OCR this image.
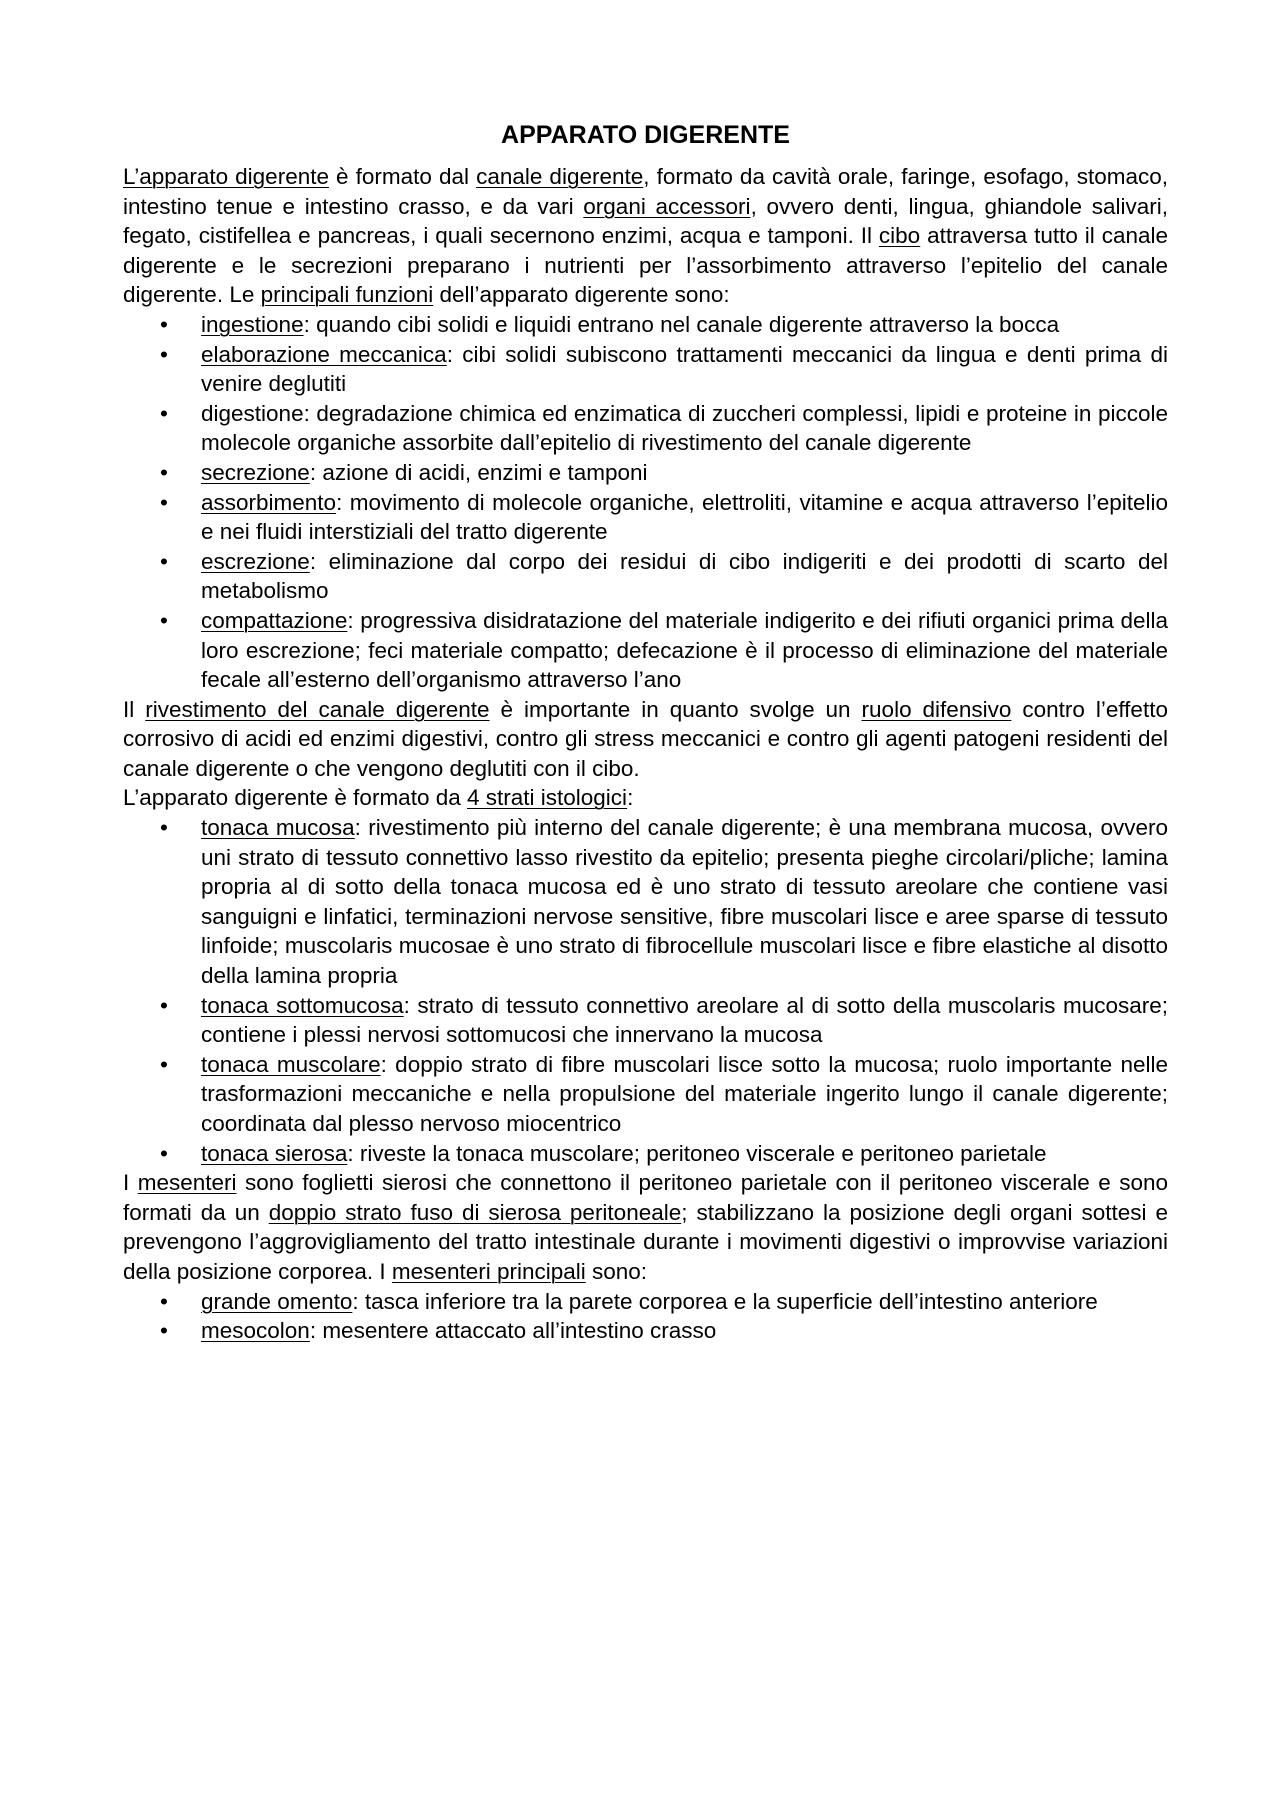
APPARATO DIGERENTE

L’apparato digerente è formato dal canale digerente, formato da cavità orale, faringe, esofago, stomaco, intestino tenue e intestino crasso, e da vari organi accessori, ovvero denti, lingua, ghiandole salivari, fegato, cistifellea e pancreas, i quali secernono enzimi, acqua e tamponi. Il cibo attraversa tutto il canale digerente e le secrezioni preparano i nutrienti per l’assorbimento attraverso l’epitelio del canale digerente. Le principali funzioni dell’apparato digerente sono:

• ingestione: quando cibi solidi e liquidi entrano nel canale digerente attraverso la bocca
• elaborazione meccanica: cibi solidi subiscono trattamenti meccanici da lingua e denti prima di venire deglutiti
• digestione: degradazione chimica ed enzimatica di zuccheri complessi, lipidi e proteine in piccole molecole organiche assorbite dall’epitelio di rivestimento del canale digerente
• secrezione: azione di acidi, enzimi e tamponi
• assorbimento: movimento di molecole organiche, elettroliti, vitamine e acqua attraverso l’epitelio e nei fluidi interstiziali del tratto digerente
• escrezione: eliminazione dal corpo dei residui di cibo indigeriti e dei prodotti di scarto del metabolismo
• compattazione: progressiva disidratazione del materiale indigerito e dei rifiuti organici prima della loro escrezione; feci materiale compatto; defecazione è il processo di eliminazione del materiale fecale all’esterno dell’organismo attraverso l’ano

Il rivestimento del canale digerente è importante in quanto svolge un ruolo difensivo contro l’effetto corrosivo di acidi ed enzimi digestivi, contro gli stress meccanici e contro gli agenti patogeni residenti del canale digerente o che vengono deglutiti con il cibo.

L’apparato digerente è formato da 4 strati istologici:

• tonaca mucosa: rivestimento più interno del canale digerente; è una membrana mucosa, ovvero uni strato di tessuto connettivo lasso rivestito da epitelio; presenta pieghe circolari/pliche; lamina propria al di sotto della tonaca mucosa ed è uno strato di tessuto areolare che contiene vasi sanguigni e linfatici, terminazioni nervose sensitive, fibre muscolari lisce e aree sparse di tessuto linfoide; muscolaris mucosae è uno strato di fibrocellule muscolari lisce e fibre elastiche al disotto della lamina propria
• tonaca sottomucosa: strato di tessuto connettivo areolare al di sotto della muscolaris mucosare; contiene i plessi nervosi sottomucosi che innervano la mucosa
• tonaca muscolare: doppio strato di fibre muscolari lisce sotto la mucosa; ruolo importante nelle trasformazioni meccaniche e nella propulsione del materiale ingerito lungo il canale digerente; coordinata dal plesso nervoso miocentrico
• tonaca sierosa: riveste la tonaca muscolare; peritoneo viscerale e peritoneo parietale

I mesenteri sono foglietti sierosi che connettono il peritoneo parietale con il peritoneo viscerale e sono formati da un doppio strato fuso di sierosa peritoneale; stabilizzano la posizione degli organi sottesi e prevengono l’aggrovigliamento del tratto intestinale durante i movimenti digestivi o improvvise variazioni della posizione corporea. I mesenteri principali sono:

• grande omento: tasca inferiore tra la parete corporea e la superficie dell’intestino anteriore
• mesocolon: mesentere attaccato all’intestino crasso
